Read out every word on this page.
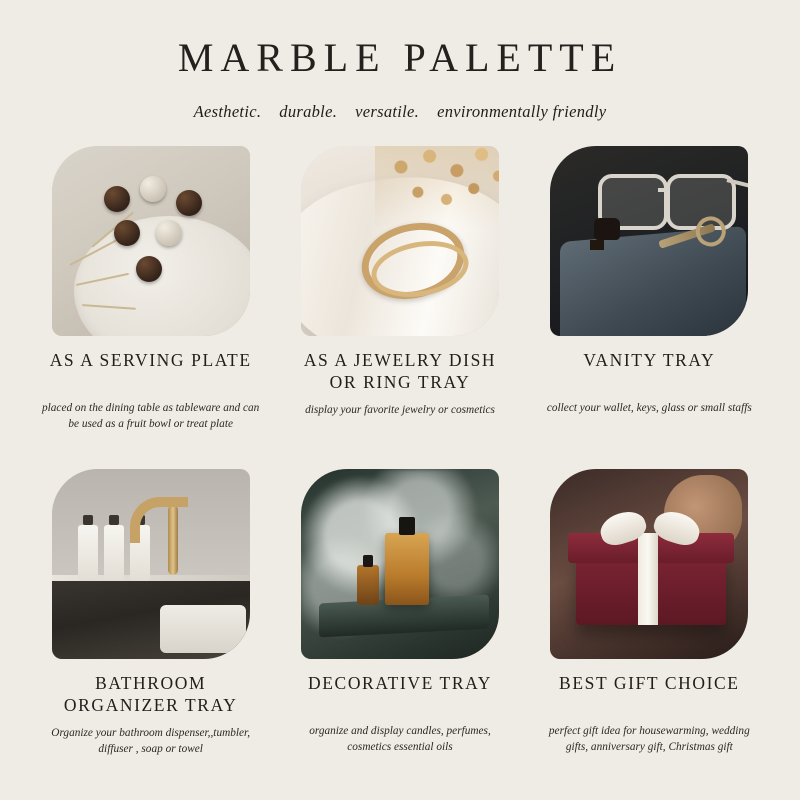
MARBLE PALETTE
Aesthetic. durable. versatile. environmentally friendly
AS A SERVING PLATE
placed on the dining table as tableware and can be used as a fruit bowl or treat plate
AS A JEWELRY DISH OR RING TRAY
display your favorite jewelry or cosmetics
VANITY TRAY
collect your wallet, keys, glass or small staffs
BATHROOM ORGANIZER TRAY
Organize your bathroom dispenser,,tumbler, diffuser , soap or towel
DECORATIVE TRAY
organize and display candles, perfumes, cosmetics essential oils
BEST GIFT CHOICE
perfect gift idea for housewarming, wedding gifts, anniversary gift, Christmas gift
